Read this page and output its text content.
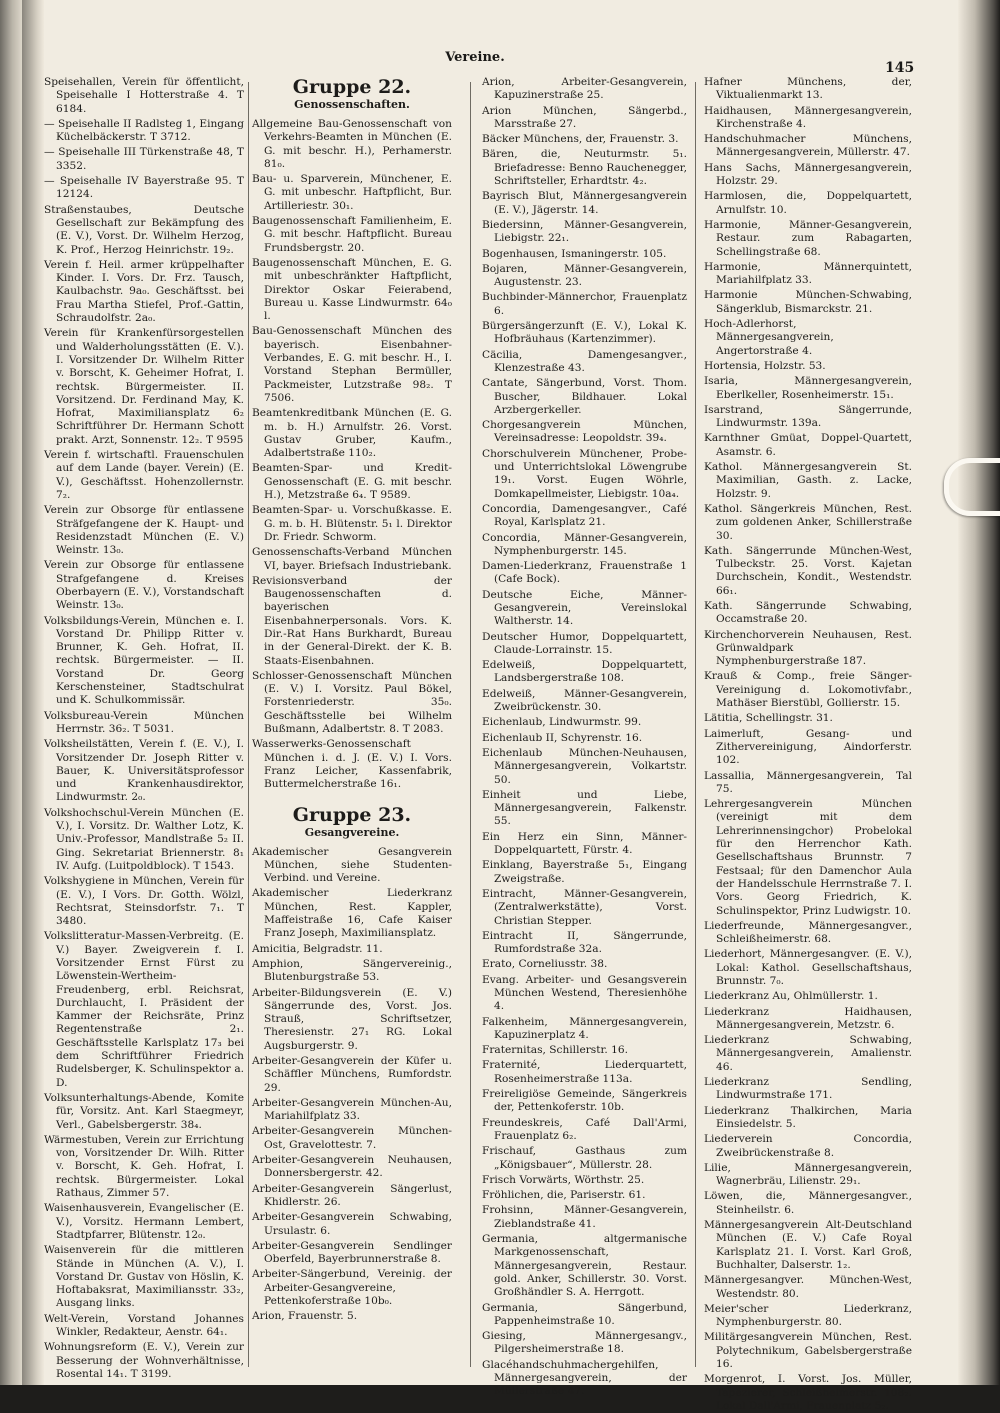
Vereine.
145
Speisehallen, Verein für öffentlicht, Speisehalle I Hotterstraße 4. T 6184.
— Speisehalle II Radlsteg 1, Eingang Küchelbäckerstr. T 3712.
— Speisehalle III Türkenstraße 48, T 3352.
— Speisehalle IV Bayerstraße 95. T 12124.
Straßenstaubes, Deutsche Gesellschaft zur Bekämpfung des (E. V.), Vorst. Dr. Wilhelm Herzog, K. Prof., Herzog Heinrichstr. 19₂.
Verein f. Heil. armer krüppelhafter Kinder. I. Vors. Dr. Frz. Tausch, Kaulbachstr. 9a₀. Geschäftsst. bei Frau Martha Stiefel, Prof.-Gattin, Schraudolfstr. 2a₀.
Verein für Krankenfürsorgestellen und Walderholungsstätten (E. V.). I. Vorsitzender Dr. Wilhelm Ritter v. Borscht, K. Geheimer Hofrat, I. rechtsk. Bürgermeister. II. Vorsitzend. Dr. Ferdinand May, K. Hofrat, Maximiliansplatz 6₂ Schriftführer Dr. Hermann Schott prakt. Arzt, Sonnenstr. 12₂. T 9595
Verein f. wirtschaftl. Frauenschulen auf dem Lande (bayer. Verein) (E. V.), Geschäftsst. Hohenzollernstr. 7₂.
Verein zur Obsorge für entlassene Sträfgefangene der K. Haupt- und Residenzstadt München (E. V.) Weinstr. 13₀.
Verein zur Obsorge für entlassene Strafgefangene d. Kreises Oberbayern (E. V.), Vorstandschaft Weinstr. 13₀.
Volksbildungs-Verein, München e. I. Vorstand Dr. Philipp Ritter v. Brunner, K. Geh. Hofrat, II. rechtsk. Bürgermeister. — II. Vorstand Dr. Georg Kerschensteiner, Stadtschulrat und K. Schulkommissär.
Volksbureau-Verein München Herrnstr. 36₂. T 5031.
Volksheilstätten, Verein f. (E. V.), I. Vorsitzender Dr. Joseph Ritter v. Bauer, K. Universitätsprofessor und Krankenhausdirektor, Lindwurmstr. 2₀.
Volkshochschul-Verein München (E. V.), I. Vorsitz. Dr. Walther Lotz, K. Univ.-Professor, Mandlstraße 5₂ II. Ging. Sekretariat Briennerstr. 8₁ IV. Aufg. (Luitpoldblock). T 1543.
Volkshygiene in München, Verein für (E. V.), I Vors. Dr. Gotth. Wölzl, Rechtsrat, Steinsdorfstr. 7₁. T 3480.
Volkslitteratur-Massen-Verbreitg. (E. V.) Bayer. Zweigverein f. I. Vorsitzender Ernst Fürst zu Löwenstein-Wertheim-Freudenberg, erbl. Reichsrat, Durchlaucht, I. Präsident der Kammer der Reichsräte, Prinz Regentenstraße 2₁. Geschäftsstelle Karlsplatz 17₃ bei dem Schriftführer Friedrich Rudelsberger, K. Schulinspektor a. D.
Volksunterhaltungs-Abende, Komite für, Vorsitz. Ant. Karl Staegmeyr, Verl., Gabelsbergerstr. 38₄.
Wärmestuben, Verein zur Errichtung von, Vorsitzender Dr. Wilh. Ritter v. Borscht, K. Geh. Hofrat, I. rechtsk. Bürgermeister. Lokal Rathaus, Zimmer 57.
Waisenhausverein, Evangelischer (E. V.), Vorsitz. Hermann Lembert, Stadtpfarrer, Blütenstr. 12₀.
Waisenverein für die mittleren Stände in München (A. V.), I. Vorstand Dr. Gustav von Höslin, K. Hoftabaksrat, Maximiliansstr. 33₂, Ausgang links.
Welt-Verein, Vorstand Johannes Winkler, Redakteur, Aenstr. 64₁.
Wohnungsreform (E. V.), Verein zur Besserung der Wohnverhältnisse, Rosental 14₁. T 3199.
Gruppe 22.
Genossenschaften.
Allgemeine Bau-Genossenschaft von Verkehrs-Beamten in München (E. G. mit beschr. H.), Perhamerstr. 81₀.
Bau- u. Sparverein, Münchener, E. G. mit unbeschr. Haftpflicht, Bur. Artilleriestr. 30₁.
Baugenossenschaft Familienheim, E. G. mit beschr. Haftpflicht. Bureau Frundsbergstr. 20.
Baugenossenschaft München, E. G. mit unbeschränkter Haftpflicht, Direktor Oskar Feierabend, Bureau u. Kasse Lindwurmstr. 64₀ l.
Bau-Genossenschaft München des bayerisch. Eisenbahner-Verbandes, E. G. mit beschr. H., I. Vorstand Stephan Bermüller, Packmeister, Lutzstraße 98₂. T 7506.
Beamtenkreditbank München (E. G. m. b. H.) Arnulfstr. 26. Vorst. Gustav Gruber, Kaufm., Adalbertstraße 110₂.
Beamten-Spar- und Kredit-Genossenschaft (E. G. mit beschr. H.), Metzstraße 6₄. T 9589.
Beamten-Spar- u. Vorschußkasse. E. G. m. b. H. Blütenstr. 5₁ l. Direktor Dr. Friedr. Schworm.
Genossenschafts-Verband München VI, bayer. Briefsach Industriebank.
Revisionsverband der Baugenossenschaften d. bayerischen Eisenbahnerpersonals. Vors. K. Dir.-Rat Hans Burkhardt, Bureau in der General-Direkt. der K. B. Staats-Eisenbahnen.
Schlosser-Genossenschaft München (E. V.) I. Vorsitz. Paul Bökel, Forstenriederstr. 35₀. Geschäftsstelle bei Wilhelm Bußmann, Adalbertstr. 8. T 2083.
Wasserwerks-Genossenschaft München i. d. J. (E. V.) I. Vors. Franz Leicher, Kassenfabrik, Buttermelcherstraße 16₁.
Gruppe 23.
Gesangvereine.
Akademischer Gesangverein München, siehe Studenten-Verbind. und Vereine.
Akademischer Liederkranz München, Rest. Kappler, Maffeistraße 16, Cafe Kaiser Franz Joseph, Maximiliansplatz.
Amicitia, Belgradstr. 11.
Amphion, Sängervereinig., Blutenburgstraße 53.
Arbeiter-Bildungsverein (E. V.) Sängerrunde des, Vorst. Jos. Strauß, Schriftsetzer, Theresienstr. 27₁ RG. Lokal Augsburgerstr. 9.
Arbeiter-Gesangverein der Küfer u. Schäffler Münchens, Rumfordstr. 29.
Arbeiter-Gesangverein München-Au, Mariahilfplatz 33.
Arbeiter-Gesangverein München-Ost, Gravelottestr. 7.
Arbeiter-Gesangverein Neuhausen, Donnersbergerstr. 42.
Arbeiter-Gesangverein Sängerlust, Khidlerstr. 26.
Arbeiter-Gesangverein Schwabing, Ursulastr. 6.
Arbeiter-Gesangverein Sendlinger Oberfeld, Bayerbrunnerstraße 8.
Arbeiter-Sängerbund, Vereinig. der Arbeiter-Gesangvereine, Pettenkoferstraße 10b₀.
Arion, Frauenstr. 5.
Arion, Arbeiter-Gesangverein, Kapuzinerstraße 25.
Arion München, Sängerbd., Marsstraße 27.
Bäcker Münchens, der, Frauenstr. 3.
Bären, die, Neuturmstr. 5₁. Briefadresse: Benno Rauchenegger, Schriftsteller, Erhardtstr. 4₂.
Bayrisch Blut, Männergesangverein (E. V.), Jägerstr. 14.
Biedersinn, Männer-Gesangverein, Liebigstr. 22₁.
Bogenhausen, Ismaningerstr. 105.
Bojaren, Männer-Gesangverein, Augustenstr. 23.
Buchbinder-Männerchor, Frauenplatz 6.
Bürgersängerzunft (E. V.), Lokal K. Hofbräuhaus (Kartenzimmer).
Cäcilia, Damengesangver., Klenzestraße 43.
Cantate, Sängerbund, Vorst. Thom. Buscher, Bildhauer. Lokal Arzbergerkeller.
Chorgesangverein München, Vereinsadresse: Leopoldstr. 39₄.
Chorschulverein Münchener, Probe- und Unterrichtslokal Löwengrube 19₁. Vorst. Eugen Wöhrle, Domkapellmeister, Liebigstr. 10a₄.
Concordia, Damengesangver., Café Royal, Karlsplatz 21.
Concordia, Männer-Gesangverein, Nymphenburgerstr. 145.
Damen-Liederkranz, Frauenstraße 1 (Cafe Bock).
Deutsche Eiche, Männer-Gesangverein, Vereinslokal Waltherstr. 14.
Deutscher Humor, Doppelquartett, Claude-Lorrainstr. 15.
Edelweiß, Doppelquartett, Landsbergerstraße 108.
Edelweiß, Männer-Gesangverein, Zweibrückenstr. 30.
Eichenlaub, Lindwurmstr. 99.
Eichenlaub II, Schyrenstr. 16.
Eichenlaub München-Neuhausen, Männergesangverein, Volkartstr. 50.
Einheit und Liebe, Männergesangverein, Falkenstr. 55.
Ein Herz ein Sinn, Männer-Doppelquartett, Fürstr. 4.
Einklang, Bayerstraße 5₁, Eingang Zweigstraße.
Eintracht, Männer-Gesangverein, (Zentralwerkstätte), Vorst. Christian Stepper.
Eintracht II, Sängerrunde, Rumfordstraße 32a.
Erato, Corneliusstr. 38.
Evang. Arbeiter- und Gesangsverein München Westend, Theresienhöhe 4.
Falkenheim, Männergesangverein, Kapuzinerplatz 4.
Fraternitas, Schillerstr. 16.
Fraternité, Liederquartett, Rosenheimerstraße 113a.
Freireligiöse Gemeinde, Sängerkreis der, Pettenkoferstr. 10b.
Freundeskreis, Café Dall'Armi, Frauenplatz 6₂.
Frischauf, Gasthaus zum „Königsbauer“, Müllerstr. 28.
Frisch Vorwärts, Wörthstr. 25.
Fröhlichen, die, Pariserstr. 61.
Frohsinn, Männer-Gesangverein, Zieblandstraße 41.
Germania, altgermanische Markgenossenschaft, Männergesangverein, Restaur. gold. Anker, Schillerstr. 30. Vorst. Großhändler S. A. Herrgott.
Germania, Sängerbund, Pappenheimstraße 10.
Giesing, Männergesangv., Pilgersheimerstraße 18.
Glacéhandschuhmachergehilfen, Männergesangverein, der Müllerstraße 47.
Hafner Münchens, der, Viktualienmarkt 13.
Haidhausen, Männergesangverein, Kirchenstraße 4.
Handschuhmacher Münchens, Männergesangverein, Müllerstr. 47.
Hans Sachs, Männergesangverein, Holzstr. 29.
Harmlosen, die, Doppelquartett, Arnulfstr. 10.
Harmonie, Männer-Gesangverein, Restaur. zum Rabagarten, Schellingstraße 68.
Harmonie, Männerquintett, Mariahilfplatz 33.
Harmonie München-Schwabing, Sängerklub, Bismarckstr. 21.
Hoch-Adlerhorst, Männergesangverein, Angertorstraße 4.
Hortensia, Holzstr. 53.
Isaria, Männergesangverein, Eberlkeller, Rosenheimerstr. 15₁.
Isarstrand, Sängerrunde, Lindwurmstr. 139a.
Karnthner Gmüat, Doppel-Quartett, Asamstr. 6.
Kathol. Männergesangverein St. Maximilian, Gasth. z. Lacke, Holzstr. 9.
Kathol. Sängerkreis München, Rest. zum goldenen Anker, Schillerstraße 30.
Kath. Sängerrunde München-West, Tulbeckstr. 25. Vorst. Kajetan Durchschein, Kondit., Westendstr. 66₁.
Kath. Sängerrunde Schwabing, Occamstraße 20.
Kirchenchorverein Neuhausen, Rest. Grünwaldpark Nymphenburgerstraße 187.
Krauß & Comp., freie Sänger-Vereinigung d. Lokomotivfabr., Mathäser Bierstübl, Gollierstr. 15.
Lätitia, Schellingstr. 31.
Laimerluft, Gesang- und Zithervereinigung, Aindorferstr. 102.
Lassallia, Männergesangverein, Tal 75.
Lehrergesangverein München (vereinigt mit dem Lehrerinnensingchor) Probelokal für den Herrenchor Kath. Gesellschaftshaus Brunnstr. 7 Festsaal; für den Damenchor Aula der Handelsschule Herrnstraße 7. I. Vors. Georg Friedrich, K. Schulinspektor, Prinz Ludwigstr. 10.
Liederfreunde, Männergesangver., Schleißheimerstr. 68.
Liederhort, Männergesangver. (E. V.), Lokal: Kathol. Gesellschaftshaus, Brunnstr. 7₀.
Liederkranz Au, Ohlmüllerstr. 1.
Liederkranz Haidhausen, Männergesangverein, Metzstr. 6.
Liederkranz Schwabing, Männergesangverein, Amalienstr. 46.
Liederkranz Sendling, Lindwurmstraße 171.
Liederkranz Thalkirchen, Maria Einsiedelstr. 5.
Liederverein Concordia, Zweibrückenstraße 8.
Lilie, Männergesangverein, Wagnerbräu, Lilienstr. 29₁.
Löwen, die, Männergesangver., Steinheilstr. 6.
Männergesangverein Alt-Deutschland München (E. V.) Cafe Royal Karlsplatz 21. I. Vorst. Karl Groß, Buchhalter, Dalserstr. 1₂.
Männergesangver. München-West, Westendstr. 80.
Meier'scher Liederkranz, Nymphenburgerstr. 80.
Militärgesangverein München, Rest. Polytechnikum, Gabelsbergerstraße 16.
Morgenrot, I. Vorst. Jos. Müller, Tapezierer, Schleißheimerstr. 108₂. Lokal Dall'Armi, Frauenplatz 5₂.
